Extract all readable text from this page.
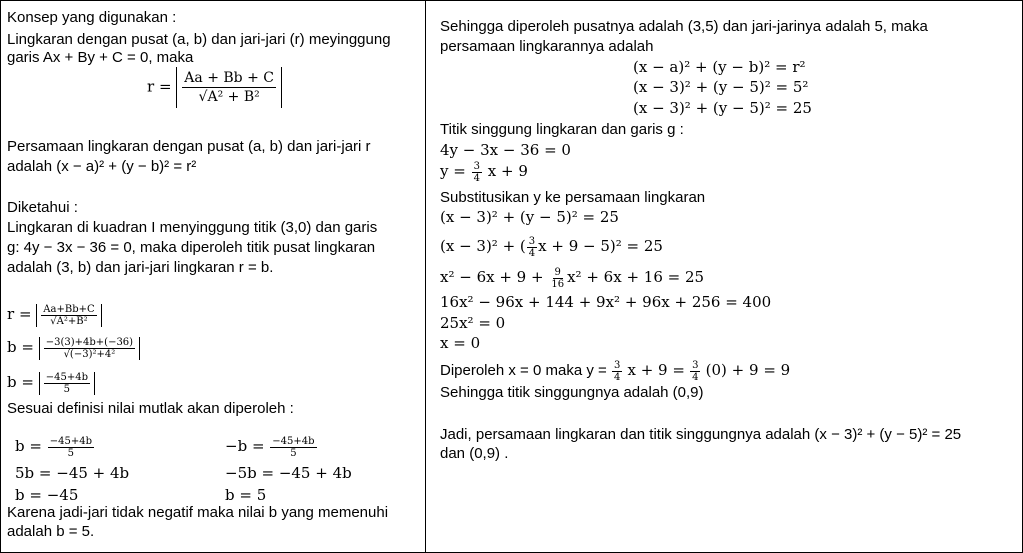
Konsep yang digunakan :
Lingkaran dengan pusat (a, b) dan jari-jari (r) meyinggung
garis Ax + By + C = 0, maka
$r = \frac{Aa + Bb + C}{\text{√A² + B²}}$
Persamaan lingkaran dengan pusat (a, b) dan jari-jari r
adalah (x − a)² + (y − b)² = r²
Diketahui :
Lingkaran di kuadran I menyinggung titik (3,0) dan garis
g: 4y − 3x − 36 = 0, maka diperoleh titik pusat lingkaran
adalah (3, b) dan jari-jari lingkaran r = b.
$r = \frac{Aa+Bb+C}{\text{√A²+B²}}$
$b = \frac{-3(3)+4b+(-36)}{\text{√(−3)²+4²}}$
$b = \frac{-45+4b}{5}$
Sesuai definisi nilai mutlak akan diperoleh :
$b = \frac{-45+4b}{5}$
5b = −45 + 4b
b = −45
$-b = \frac{-45+4b}{5}$
−5b = −45 + 4b
b = 5
Karena jadi-jari tidak negatif maka nilai b yang memenuhi
adalah b = 5.
Sehingga diperoleh pusatnya adalah (3,5) dan jari-jarinya adalah 5, maka
persamaan lingkarannya adalah
(x − a)² + (y − b)² = r²
(x − 3)² + (y − 5)² = 5²
(x − 3)² + (y − 5)² = 25
Titik singgung lingkaran dan garis g :
4y − 3x − 36 = 0
$y = \frac{3}{4}$ x + 9
Substitusikan y ke persamaan lingkaran
(x − 3)² + (y − 5)² = 25
(x − 3)² + ( $\frac{3}{4}$ x + 9 − 5)² = 25
$x^2 - 6x + 9 + \frac{9}{16} x^2 + 6x + 16 = 25$
16x² − 96x + 144 + 9x² + 96x + 256 = 400
25x² = 0
x = 0
Diperoleh x = 0 maka $y = \frac{3}{4}$ $x + 9 = \frac{3}{4} (0) + 9 = 9$
Sehingga titik singgungnya adalah (0,9)
Jadi, persamaan lingkaran dan titik singgungnya adalah (x − 3)² + (y − 5)² = 25
dan (0,9) .
